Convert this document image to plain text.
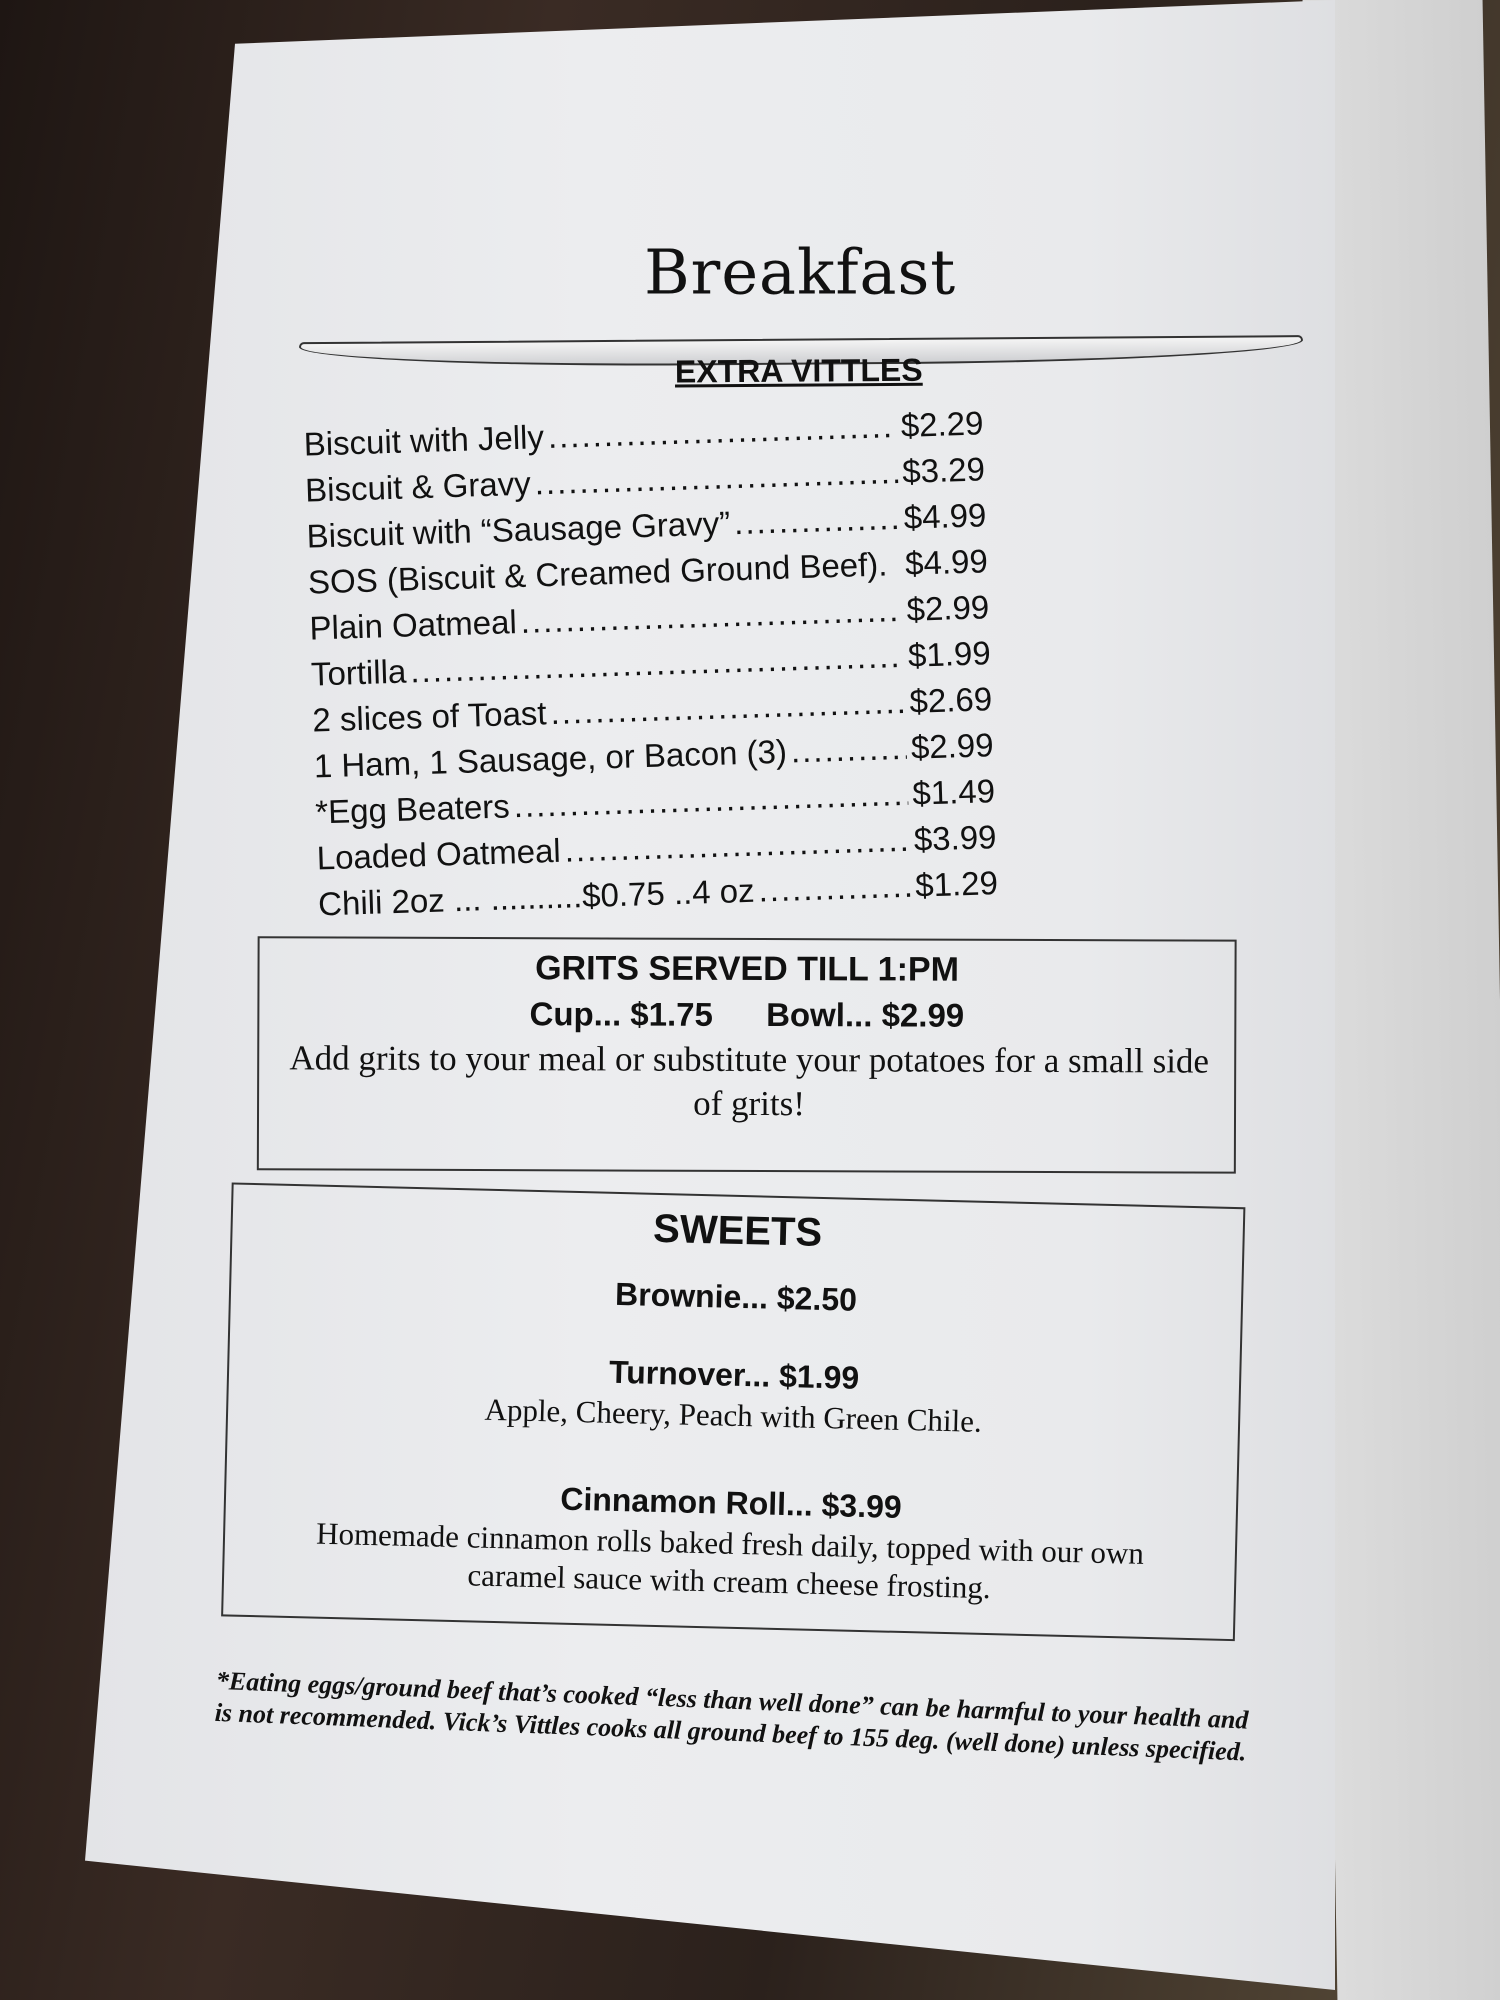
Breakfast
EXTRA VITTLES
Biscuit with Jelly .....	$2.29
Biscuit & Gravy .....	$3.29
Biscuit with “Sausage Gravy” .....	$4.99
SOS (Biscuit & Creamed Ground Beef). $4.99
Plain Oatmeal .....	$2.99
Tortilla .....	$1.99
2 slices of Toast .....	$2.69
1 Ham, 1 Sausage, or Bacon (3) .....	$2.99
*Egg Beaters .....	$1.49
Loaded Oatmeal .....	$3.99
Chili 2oz ... ..........$0.75 ..4 oz .....	$1.29
GRITS SERVED TILL 1:PM
Cup... $1.75 Bowl... $2.99
Add grits to your meal or substitute your potatoes for a small side of grits!
SWEETS
Brownie... $2.50
Turnover... $1.99
Apple, Cheery, Peach with Green Chile.
Cinnamon Roll... $3.99
Homemade cinnamon rolls baked fresh daily, topped with our own caramel sauce with cream cheese frosting.
*Eating eggs/ground beef that’s cooked “less than well done” can be harmful to your health and is not recommended. Vick’s Vittles cooks all ground beef to 155 deg. (well done) unless specified.
